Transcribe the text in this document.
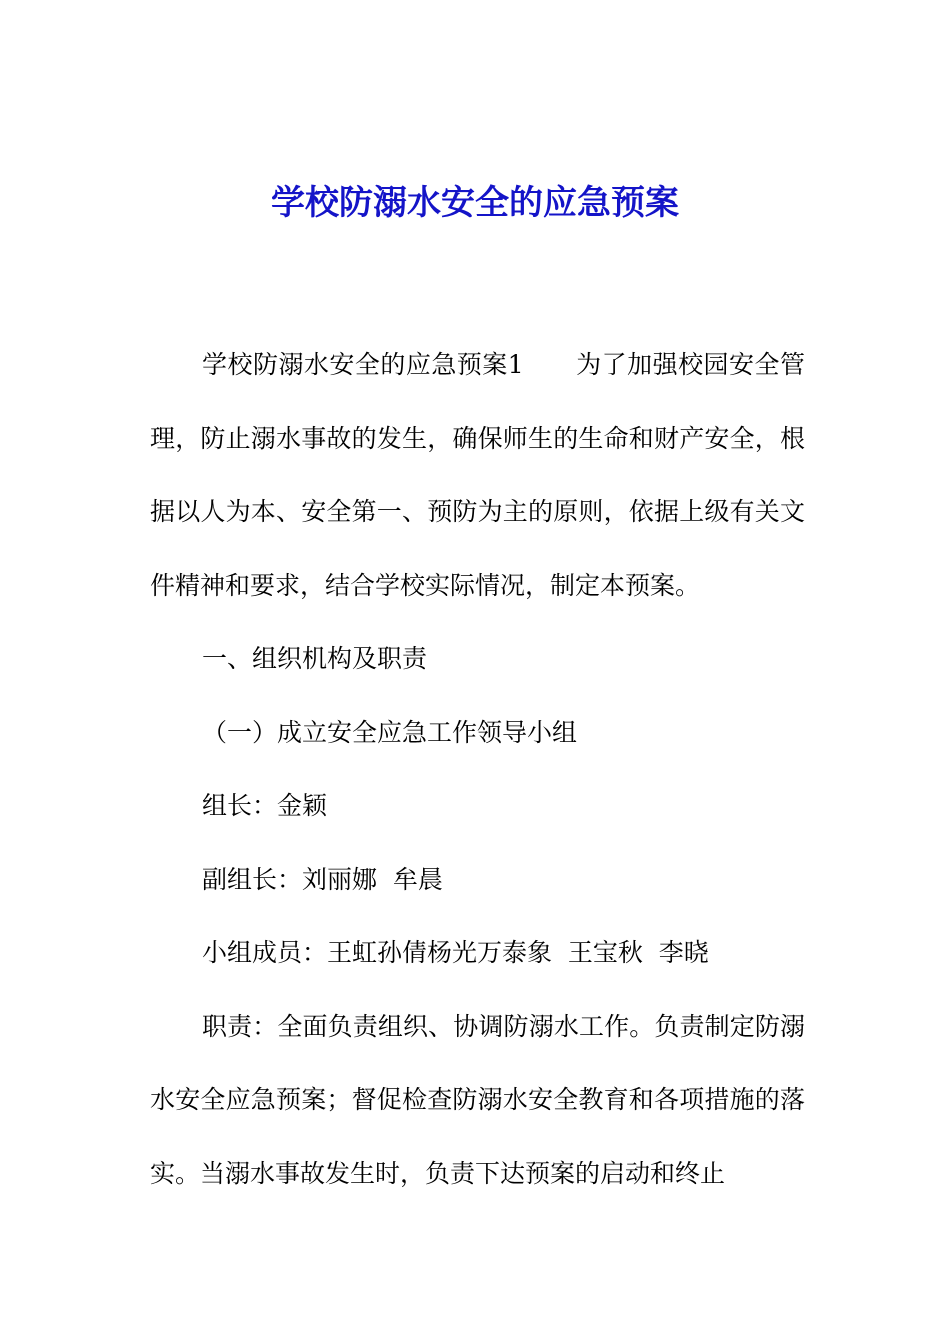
学校防溺水安全的应急预案

学校防溺水安全的应急预案1 为了加强校园安全管理，防止溺水事故的发生，确保师生的生命和财产安全，根据以人为本、安全第一、预防为主的原则，依据上级有关文件精神和要求，结合学校实际情况，制定本预案。

一、组织机构及职责

（一）成立安全应急工作领导小组

组长：金颖

副组长：刘丽娜  牟晨

小组成员：王虹孙倩杨光万泰象  王宝秋  李晓

职责：全面负责组织、协调防溺水工作。负责制定防溺水安全应急预案；督促检查防溺水安全教育和各项措施的落实。当溺水事故发生时，负责下达预案的启动和终止
